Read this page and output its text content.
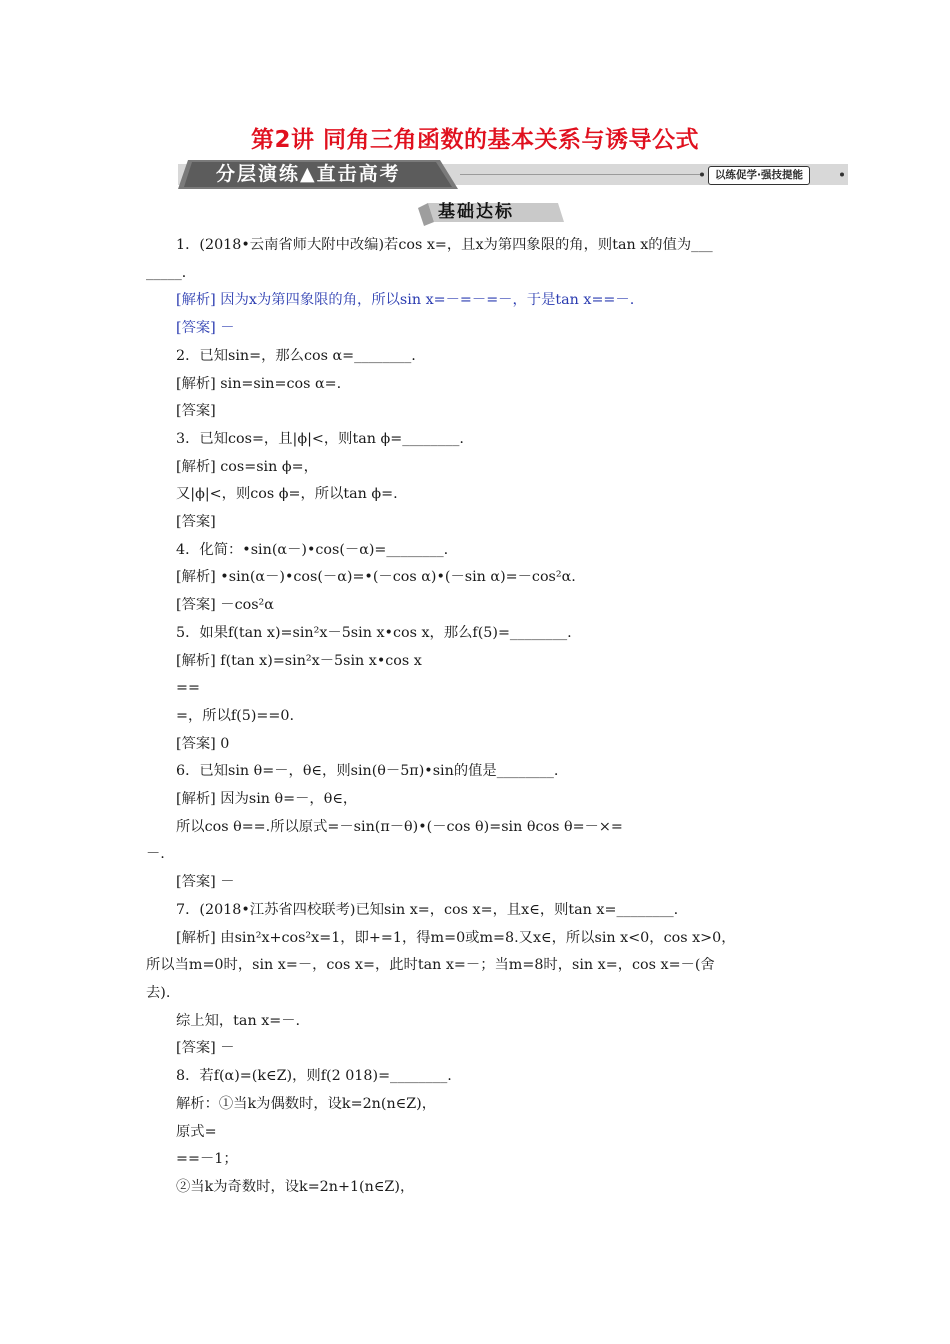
第2讲 同角三角函数的基本关系与诱导公式
分层演练▲直击高考	以练促学·强技提能
基础达标
1．(2018•云南省师大附中改编)若cos x=，且x为第四象限的角，则tan x的值为___
_____．
[解析] 因为x为第四象限的角，所以sin x=－=－=－，于是tan x==－.
[答案] －
2．已知sin=，那么cos α=________.
[解析] sin=sin=cos α=.
[答案]
3．已知cos=，且|ϕ|<，则tan ϕ=________.
[解析] cos=sin ϕ=，
又|ϕ|<，则cos ϕ=，所以tan ϕ=.
[答案]
4．化简：•sin(α－)•cos(－α)=________.
[解析] •sin(α－)•cos(－α)=•(－cos α)•(－sin α)=－cos²α.
[答案] －cos²α
5．如果f(tan x)=sin²x－5sin x•cos x，那么f(5)=________.
[解析] f(tan x)=sin²x－5sin x•cos x
==
=，所以f(5)==0.
[答案] 0
6．已知sin θ=－，θ∈，则sin(θ－5π)•sin的值是________.
[解析] 因为sin θ=－，θ∈，
所以cos θ==.所以原式=－sin(π－θ)•(－cos θ)=sin θcos θ=－×=
－.
[答案] －
7．(2018•江苏省四校联考)已知sin x=，cos x=，且x∈，则tan x=________.
[解析] 由sin²x+cos²x=1，即+=1，得m=0或m=8.又x∈，所以sin x<0，cos x>0，
所以当m=0时，sin x=－，cos x=，此时tan x=－；当m=8时，sin x=，cos x=－(舍
去).
综上知，tan x=－.
[答案] －
8．若f(α)=(k∈Z)，则f(2 018)=________.
解析：①当k为偶数时，设k=2n(n∈Z)，
原式=
==－1；
②当k为奇数时，设k=2n+1(n∈Z)，
